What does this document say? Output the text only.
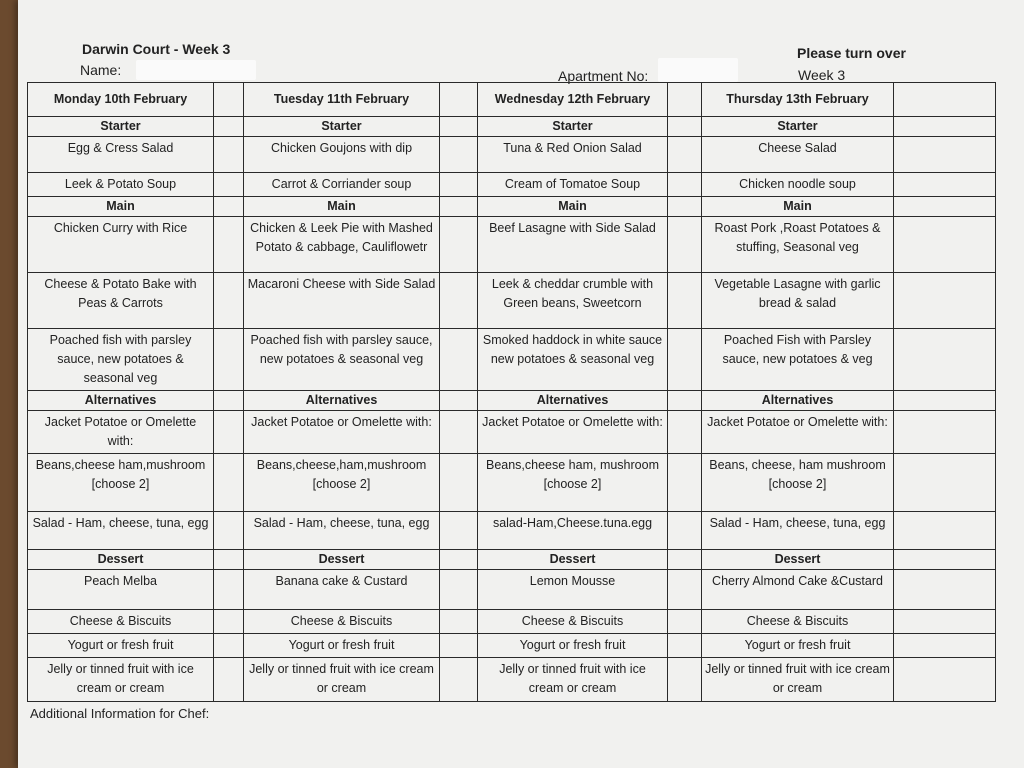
Darwin Court - Week 3
Name:	Apartment No:
Please turn over
Week 3
Monday 10th February		Tuesday 11th February		Wednesday 12th February		Thursday 13th February	
Starter		Starter		Starter		Starter	
Egg & Cress Salad		Chicken Goujons with dip		Tuna & Red Onion Salad		Cheese Salad	
Leek & Potato Soup		Carrot & Corriander soup		Cream of Tomatoe Soup		Chicken noodle soup	
Main		Main		Main		Main	
Chicken Curry with Rice		Chicken & Leek Pie with Mashed Potato & cabbage, Cauliflowetr		Beef Lasagne with Side Salad		Roast Pork ,Roast Potatoes & stuffing, Seasonal veg	
Cheese & Potato Bake with Peas & Carrots		Macaroni Cheese with Side Salad		Leek & cheddar crumble with Green beans, Sweetcorn		Vegetable Lasagne with garlic bread & salad	
Poached fish with parsley sauce, new potatoes & seasonal veg		Poached fish with parsley sauce, new potatoes & seasonal veg		Smoked haddock in white sauce new potatoes & seasonal veg		Poached Fish with Parsley sauce, new potatoes & veg	
Alternatives		Alternatives		Alternatives		Alternatives	
Jacket Potatoe or Omelette with:		Jacket Potatoe or Omelette with:		Jacket Potatoe or Omelette with:		Jacket Potatoe or Omelette with:	
Beans,cheese ham,mushroom [choose 2]		Beans,cheese,ham,mushroom [choose 2]		Beans,cheese ham, mushroom [choose 2]		Beans, cheese, ham mushroom [choose 2]	
Salad - Ham, cheese, tuna, egg		Salad - Ham, cheese, tuna, egg		salad-Ham,Cheese.tuna.egg		Salad - Ham, cheese, tuna, egg	
Dessert		Dessert		Dessert		Dessert	
Peach Melba		Banana cake & Custard		Lemon Mousse		Cherry Almond Cake &Custard	
Cheese & Biscuits		Cheese & Biscuits		Cheese & Biscuits		Cheese & Biscuits	
Yogurt or fresh fruit		Yogurt or fresh fruit		Yogurt or fresh fruit		Yogurt or fresh fruit	
Jelly or tinned fruit with ice cream or cream		Jelly or tinned fruit with ice cream or cream		Jelly or tinned fruit with ice cream or cream		Jelly or tinned fruit with ice cream or cream	
Additional Information for Chef:
